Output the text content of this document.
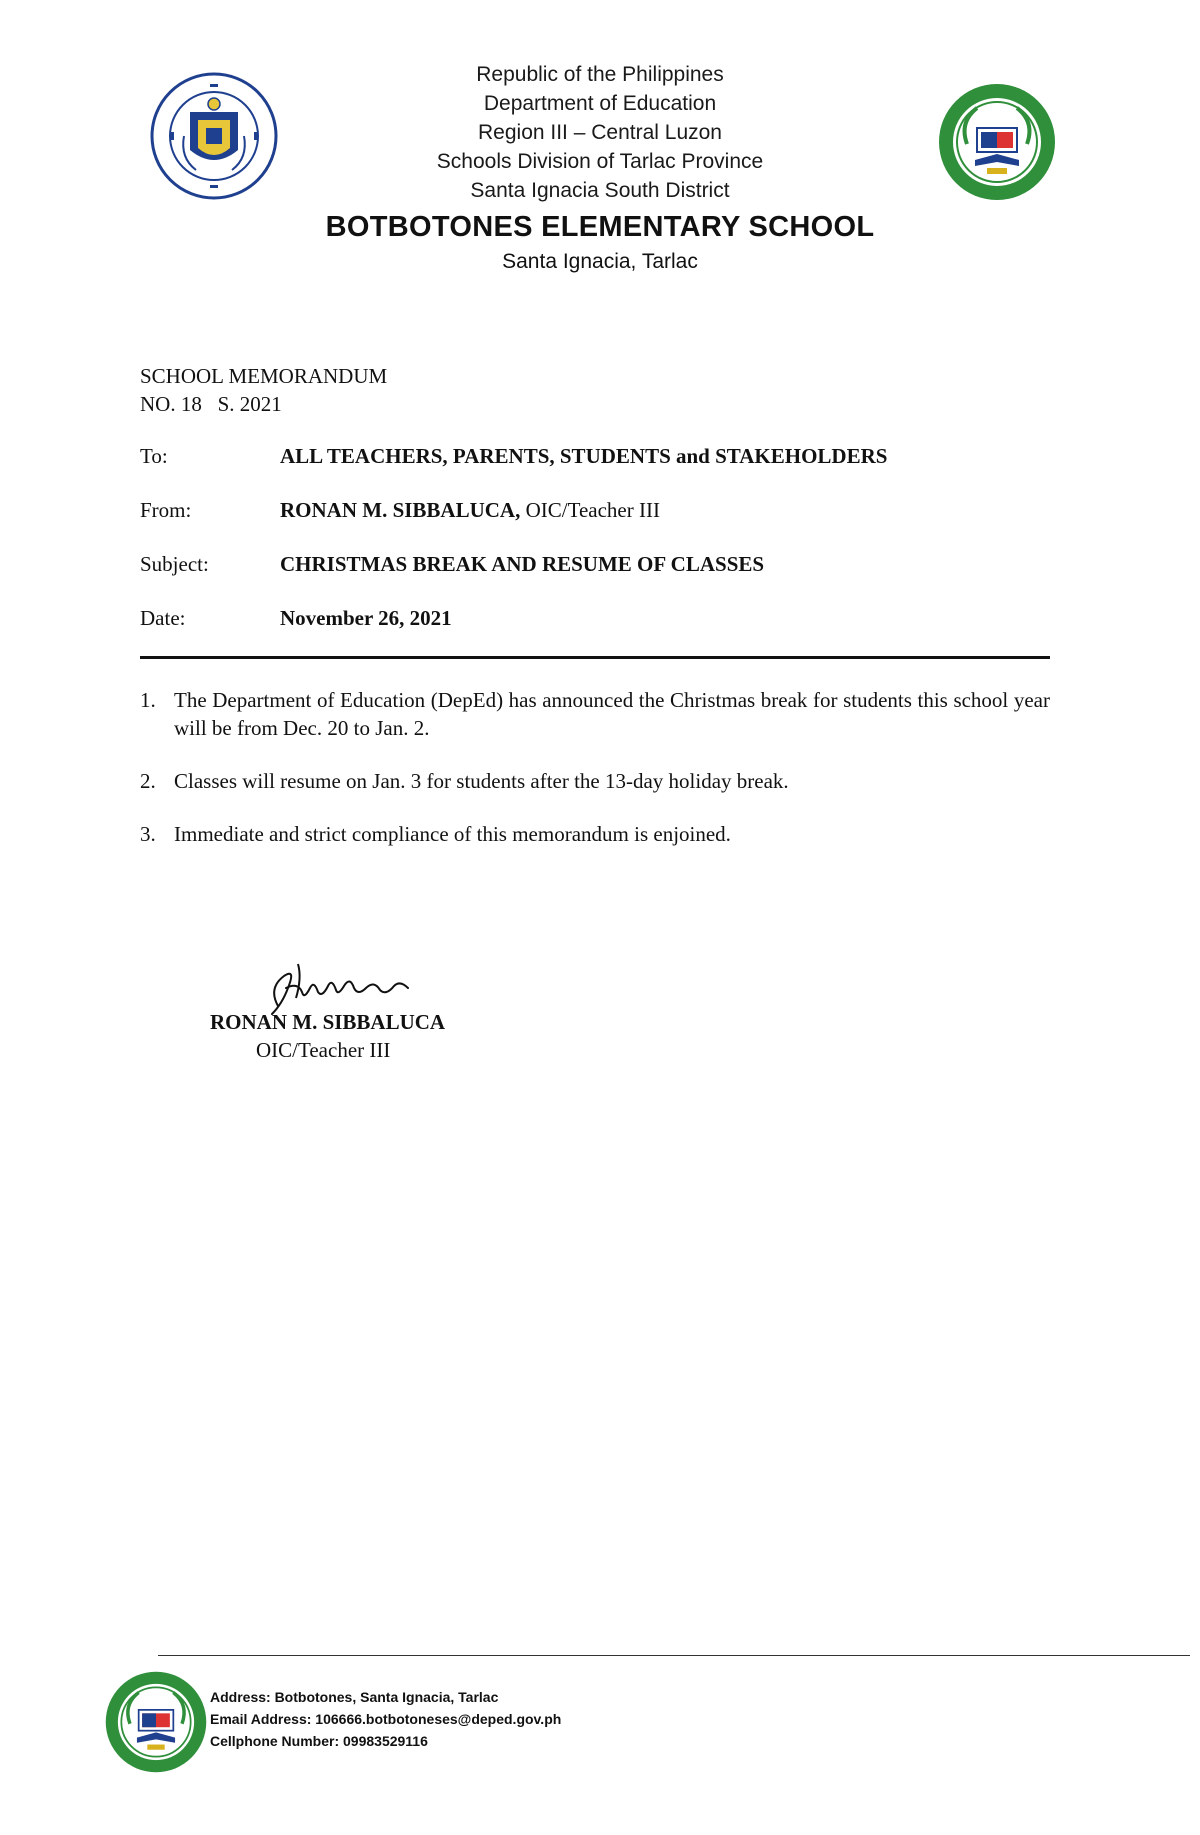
Republic of the Philippines
Department of Education
Region III – Central Luzon
Schools Division of Tarlac Province
Santa Ignacia South District
BOTBOTONES ELEMENTARY SCHOOL
Santa Ignacia, Tarlac
SCHOOL MEMORANDUM
NO. 18   S. 2021
To:	ALL TEACHERS, PARENTS, STUDENTS and STAKEHOLDERS
From:	RONAN M. SIBBALUCA, OIC/Teacher III
Subject:	CHRISTMAS BREAK AND RESUME OF CLASSES
Date:	November 26, 2021
1. The Department of Education (DepEd) has announced the Christmas break for students this school year will be from Dec. 20 to Jan. 2.
2. Classes will resume on Jan. 3 for students after the 13-day holiday break.
3. Immediate and strict compliance of this memorandum is enjoined.
RONAN M. SIBBALUCA
OIC/Teacher III
Address: Botbotones, Santa Ignacia, Tarlac
Email Address: 106666.botbotoneses@deped.gov.ph
Cellphone Number: 09983529116
